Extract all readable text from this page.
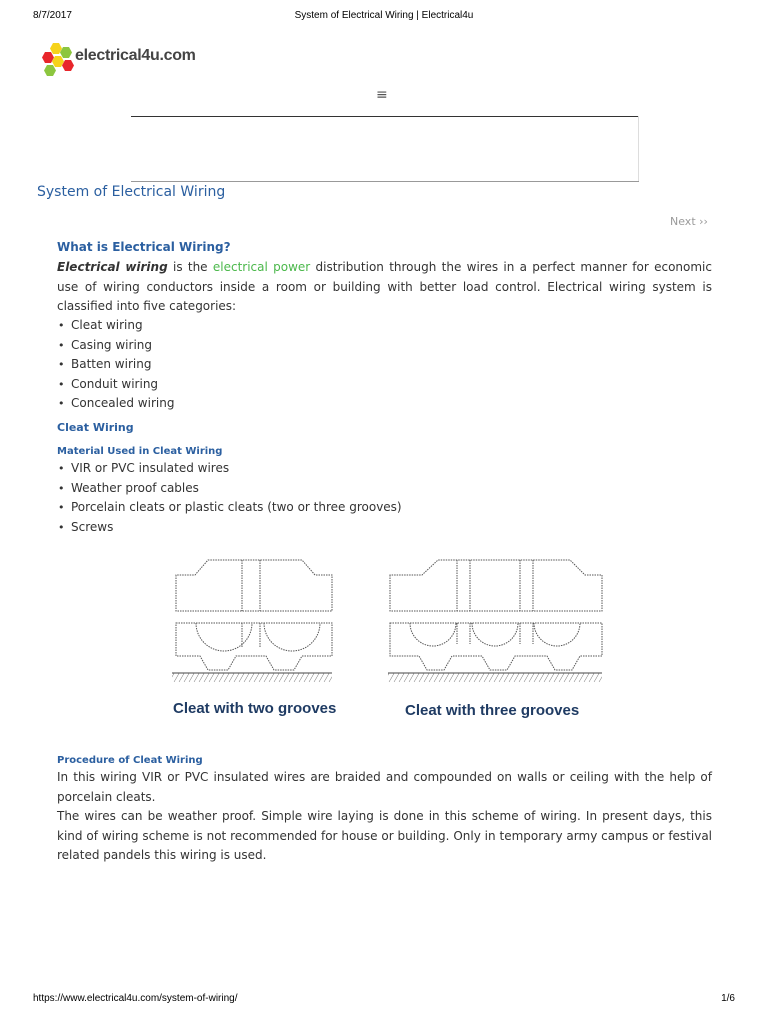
8/7/2017	System of Electrical Wiring | Electrical4u
electrical4u.com
≡
System of Electrical Wiring
Next ››
What is Electrical Wiring?

Electrical wiring is the electrical power distribution through the wires in a perfect manner for economic use of wiring conductors inside a room or building with better load control. Electrical wiring system is classified into five categories:

• Cleat wiring
• Casing wiring
• Batten wiring
• Conduit wiring
• Concealed wiring
Cleat Wiring
Material Used in Cleat Wiring
• VIR or PVC insulated wires
• Weather proof cables
• Porcelain cleats or plastic cleats (two or three grooves)
• Screws
Cleat with two grooves	Cleat with three grooves
Procedure of Cleat Wiring
In this wiring VIR or PVC insulated wires are braided and compounded on walls or ceiling with the help of porcelain cleats.
The wires can be weather proof. Simple wire laying is done in this scheme of wiring. In present days, this kind of wiring scheme is not recommended for house or building. Only in temporary army campus or festival related pandels this wiring is used.
https://www.electrical4u.com/system-of-wiring/	1/6
